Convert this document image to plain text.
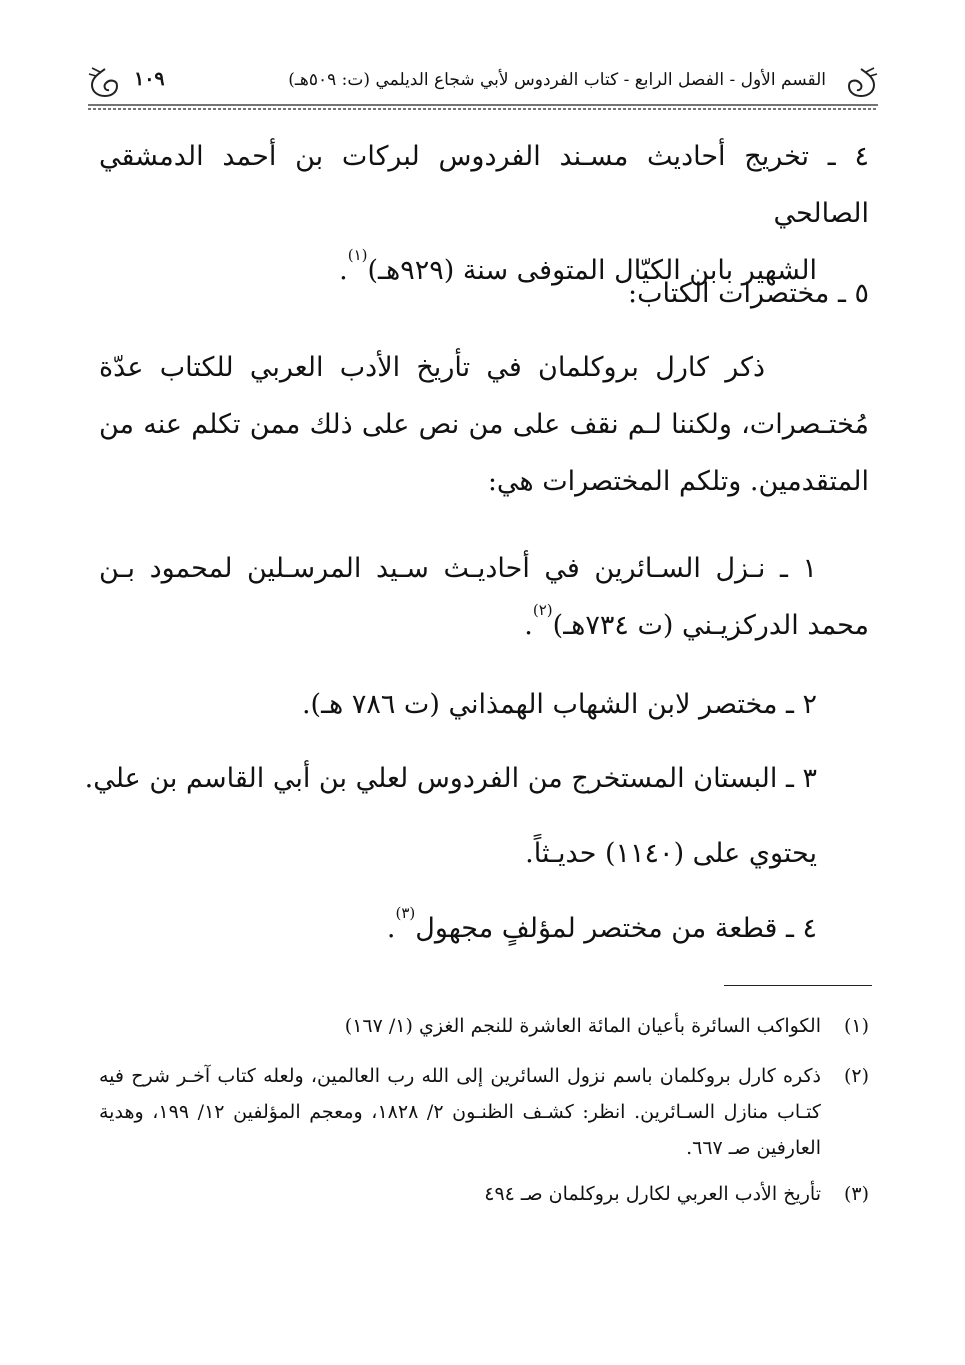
القسم الأول - الفصل الرابع - كتاب الفردوس لأبي شجاع الديلمي (ت: ٥٠٩هـ)
١٠٩
٤ ـ تخريج أحاديث مسـند الفردوس لبركات بن أحمد الدمشقي الصالحي
الشهير بابن الكيّال المتوفى سنة (٩٢٩هـ)$^{(١)}$.
٥ ـ مختصرات الكتاب:
ذكر كارل بروكلمان في تأريخ الأدب العربي للكتاب عدّة مُختـصرات، ولكننا لـم نقف على من نص على ذلك ممن تكلم عنه من المتقدمين. وتلكم المختصرات هي:
١ ـ نـزل السـائرين في أحاديـث سـيد المرسـلين لمحمود بـن محمد الدركزيـني (ت ٧٣٤هـ)$^{(٢)}$.
٢ ـ مختصر لابن الشهاب الهمذاني (ت ٧٨٦ هـ).
٣ ـ البستان المستخرج من الفردوس لعلي بن أبي القاسم بن علي.
يحتوي على (١١٤٠) حديـثاً.
٤ ـ قطعة من مختصر لمؤلفٍ مجهول$^{(٣)}$.
(١)
الكواكب السائرة بأعيان المائة العاشرة للنجم الغزي (١/ ١٦٧)
(٢)
ذكره كارل بروكلمان باسم نزول السائرين إلى الله رب العالمين، ولعله كتاب آخـر شرح فيه كتـاب منازل السـائرين. انظر: كشـف الظنـون ٢/ ١٨٢٨، ومعجم المؤلفين ١٢/ ١٩٩، وهدية العارفين صـ ٦٦٧.
(٣)
تأريخ الأدب العربي لكارل بروكلمان صـ ٤٩٤
